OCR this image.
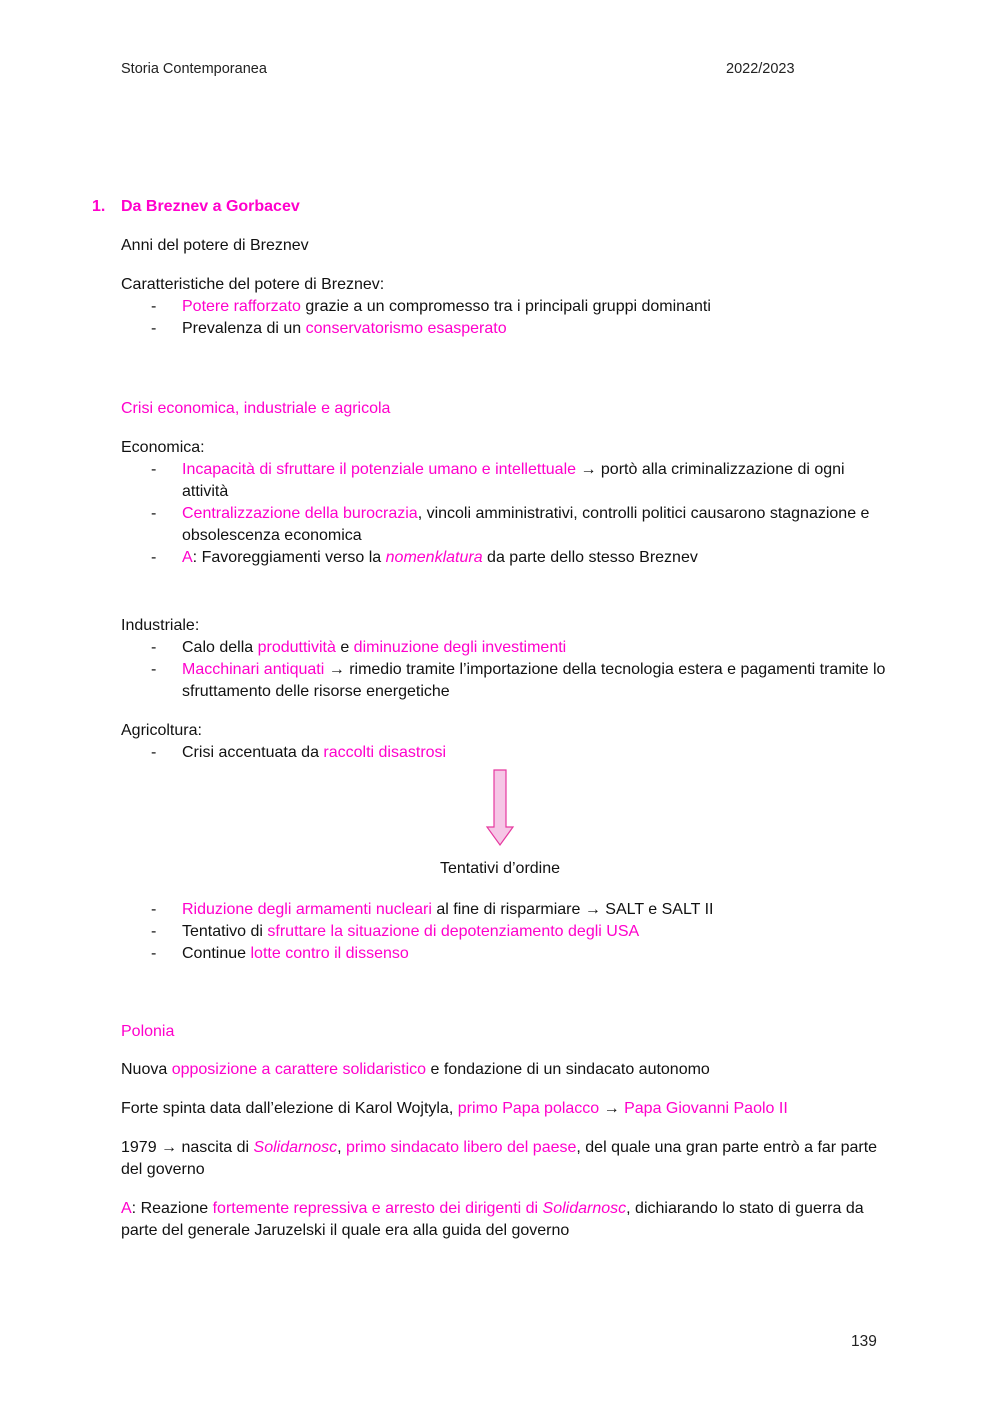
Storia Contemporanea	2022/2023
1. Da Breznev a Gorbacev
Anni del potere di Breznev
Caratteristiche del potere di Breznev:
- Potere rafforzato grazie a un compromesso tra i principali gruppi dominanti
- Prevalenza di un conservatorismo esasperato
Crisi economica, industriale e agricola
Economica:
- Incapacità di sfruttare il potenziale umano e intellettuale → portò alla criminalizzazione di ogni attività
- Centralizzazione della burocrazia, vincoli amministrativi, controlli politici causarono stagnazione e obsolescenza economica
- A: Favoreggiamenti verso la nomenklatura da parte dello stesso Breznev
Industriale:
- Calo della produttività e diminuzione degli investimenti
- Macchinari antiquati → rimedio tramite l’importazione della tecnologia estera e pagamenti tramite lo sfruttamento delle risorse energetiche
Agricoltura:
- Crisi accentuata da raccolti disastrosi
Tentativi d’ordine
- Riduzione degli armamenti nucleari al fine di risparmiare → SALT e SALT II
- Tentativo di sfruttare la situazione di depotenziamento degli USA
- Continue lotte contro il dissenso
Polonia
Nuova opposizione a carattere solidaristico e fondazione di un sindacato autonomo
Forte spinta data dall’elezione di Karol Wojtyla, primo Papa polacco → Papa Giovanni Paolo II
1979 → nascita di Solidarnosc, primo sindacato libero del paese, del quale una gran parte entrò a far parte del governo
A: Reazione fortemente repressiva e arresto dei dirigenti di Solidarnosc, dichiarando lo stato di guerra da parte del generale Jaruzelski il quale era alla guida del governo
139
